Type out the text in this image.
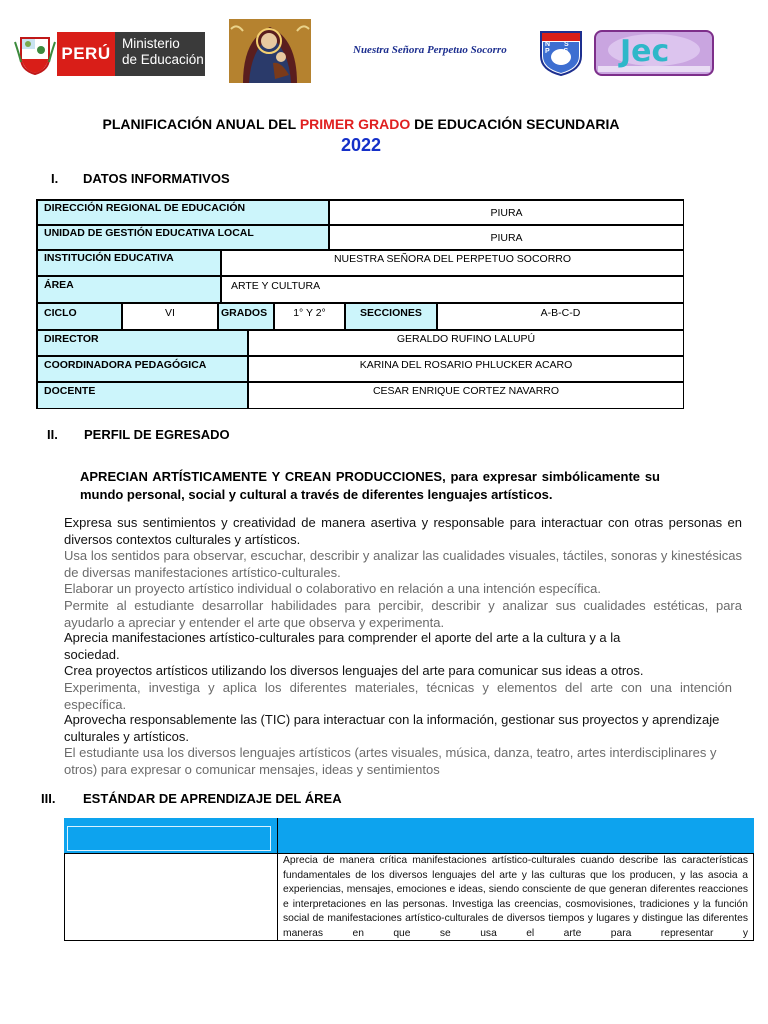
PERÚ
Ministerio
de Educación
Nuestra Señora Perpetuo Socorro	N S P S	Jec
PLANIFICACIÓN ANUAL DEL PRIMER GRADO DE EDUCACIÓN SECUNDARIA
2022
I. DATOS INFORMATIVOS
DIRECCIÓN REGIONAL DE EDUCACIÓN	PIURA
UNIDAD DE GESTIÓN EDUCATIVA LOCAL	PIURA
INSTITUCIÓN EDUCATIVA	NUESTRA SEÑORA DEL PERPETUO SOCORRO
ÁREA	ARTE Y CULTURA
CICLO	VI	GRADOS	1° Y 2°	SECCIONES	A-B-C-D
DIRECTOR	GERALDO RUFINO LALUPÚ
COORDINADORA PEDAGÓGICA	KARINA DEL ROSARIO PHLUCKER ACARO
DOCENTE	CESAR ENRIQUE CORTEZ NAVARRO
II. PERFIL DE EGRESADO
APRECIAN ARTÍSTICAMENTE Y CREAN PRODUCCIONES, para expresar simbólicamente su mundo personal, social y cultural a través de diferentes lenguajes artísticos.
Expresa sus sentimientos y creatividad de manera asertiva y responsable para interactuar con otras personas en diversos contextos culturales y artísticos.
Usa los sentidos para observar, escuchar, describir y analizar las cualidades visuales, táctiles, sonoras y kinestésicas de diversas manifestaciones artístico-culturales.
Elaborar un proyecto artístico individual o colaborativo en relación a una intención específica.
Permite al estudiante desarrollar habilidades para percibir, describir y analizar sus cualidades estéticas, para ayudarlo a apreciar y entender el arte que observa y experimenta.
Aprecia manifestaciones artístico-culturales para comprender el aporte del arte a la cultura y a la sociedad.
Crea proyectos artísticos utilizando los diversos lenguajes del arte para comunicar sus ideas a otros.
Experimenta, investiga y aplica los diferentes materiales, técnicas y elementos del arte con una intención específica.
Aprovecha responsablemente las (TIC) para interactuar con la información, gestionar sus proyectos y aprendizaje culturales y artísticos.
El estudiante usa los diversos lenguajes artísticos (artes visuales, música, danza, teatro, artes interdisciplinares y otros) para expresar o comunicar mensajes, ideas y sentimientos
III. ESTÁNDAR DE APRENDIZAJE DEL ÁREA
Aprecia de manera crítica manifestaciones artístico-culturales cuando describe las características fundamentales de los diversos lenguajes del arte y las culturas que los producen, y las asocia a experiencias, mensajes, emociones e ideas, siendo consciente de que generan diferentes reacciones e interpretaciones en las personas. Investiga las creencias, cosmovisiones, tradiciones y la función social de manifestaciones artístico-culturales de diversos tiempos y lugares y distingue las diferentes maneras en que se usa el arte para representar y
